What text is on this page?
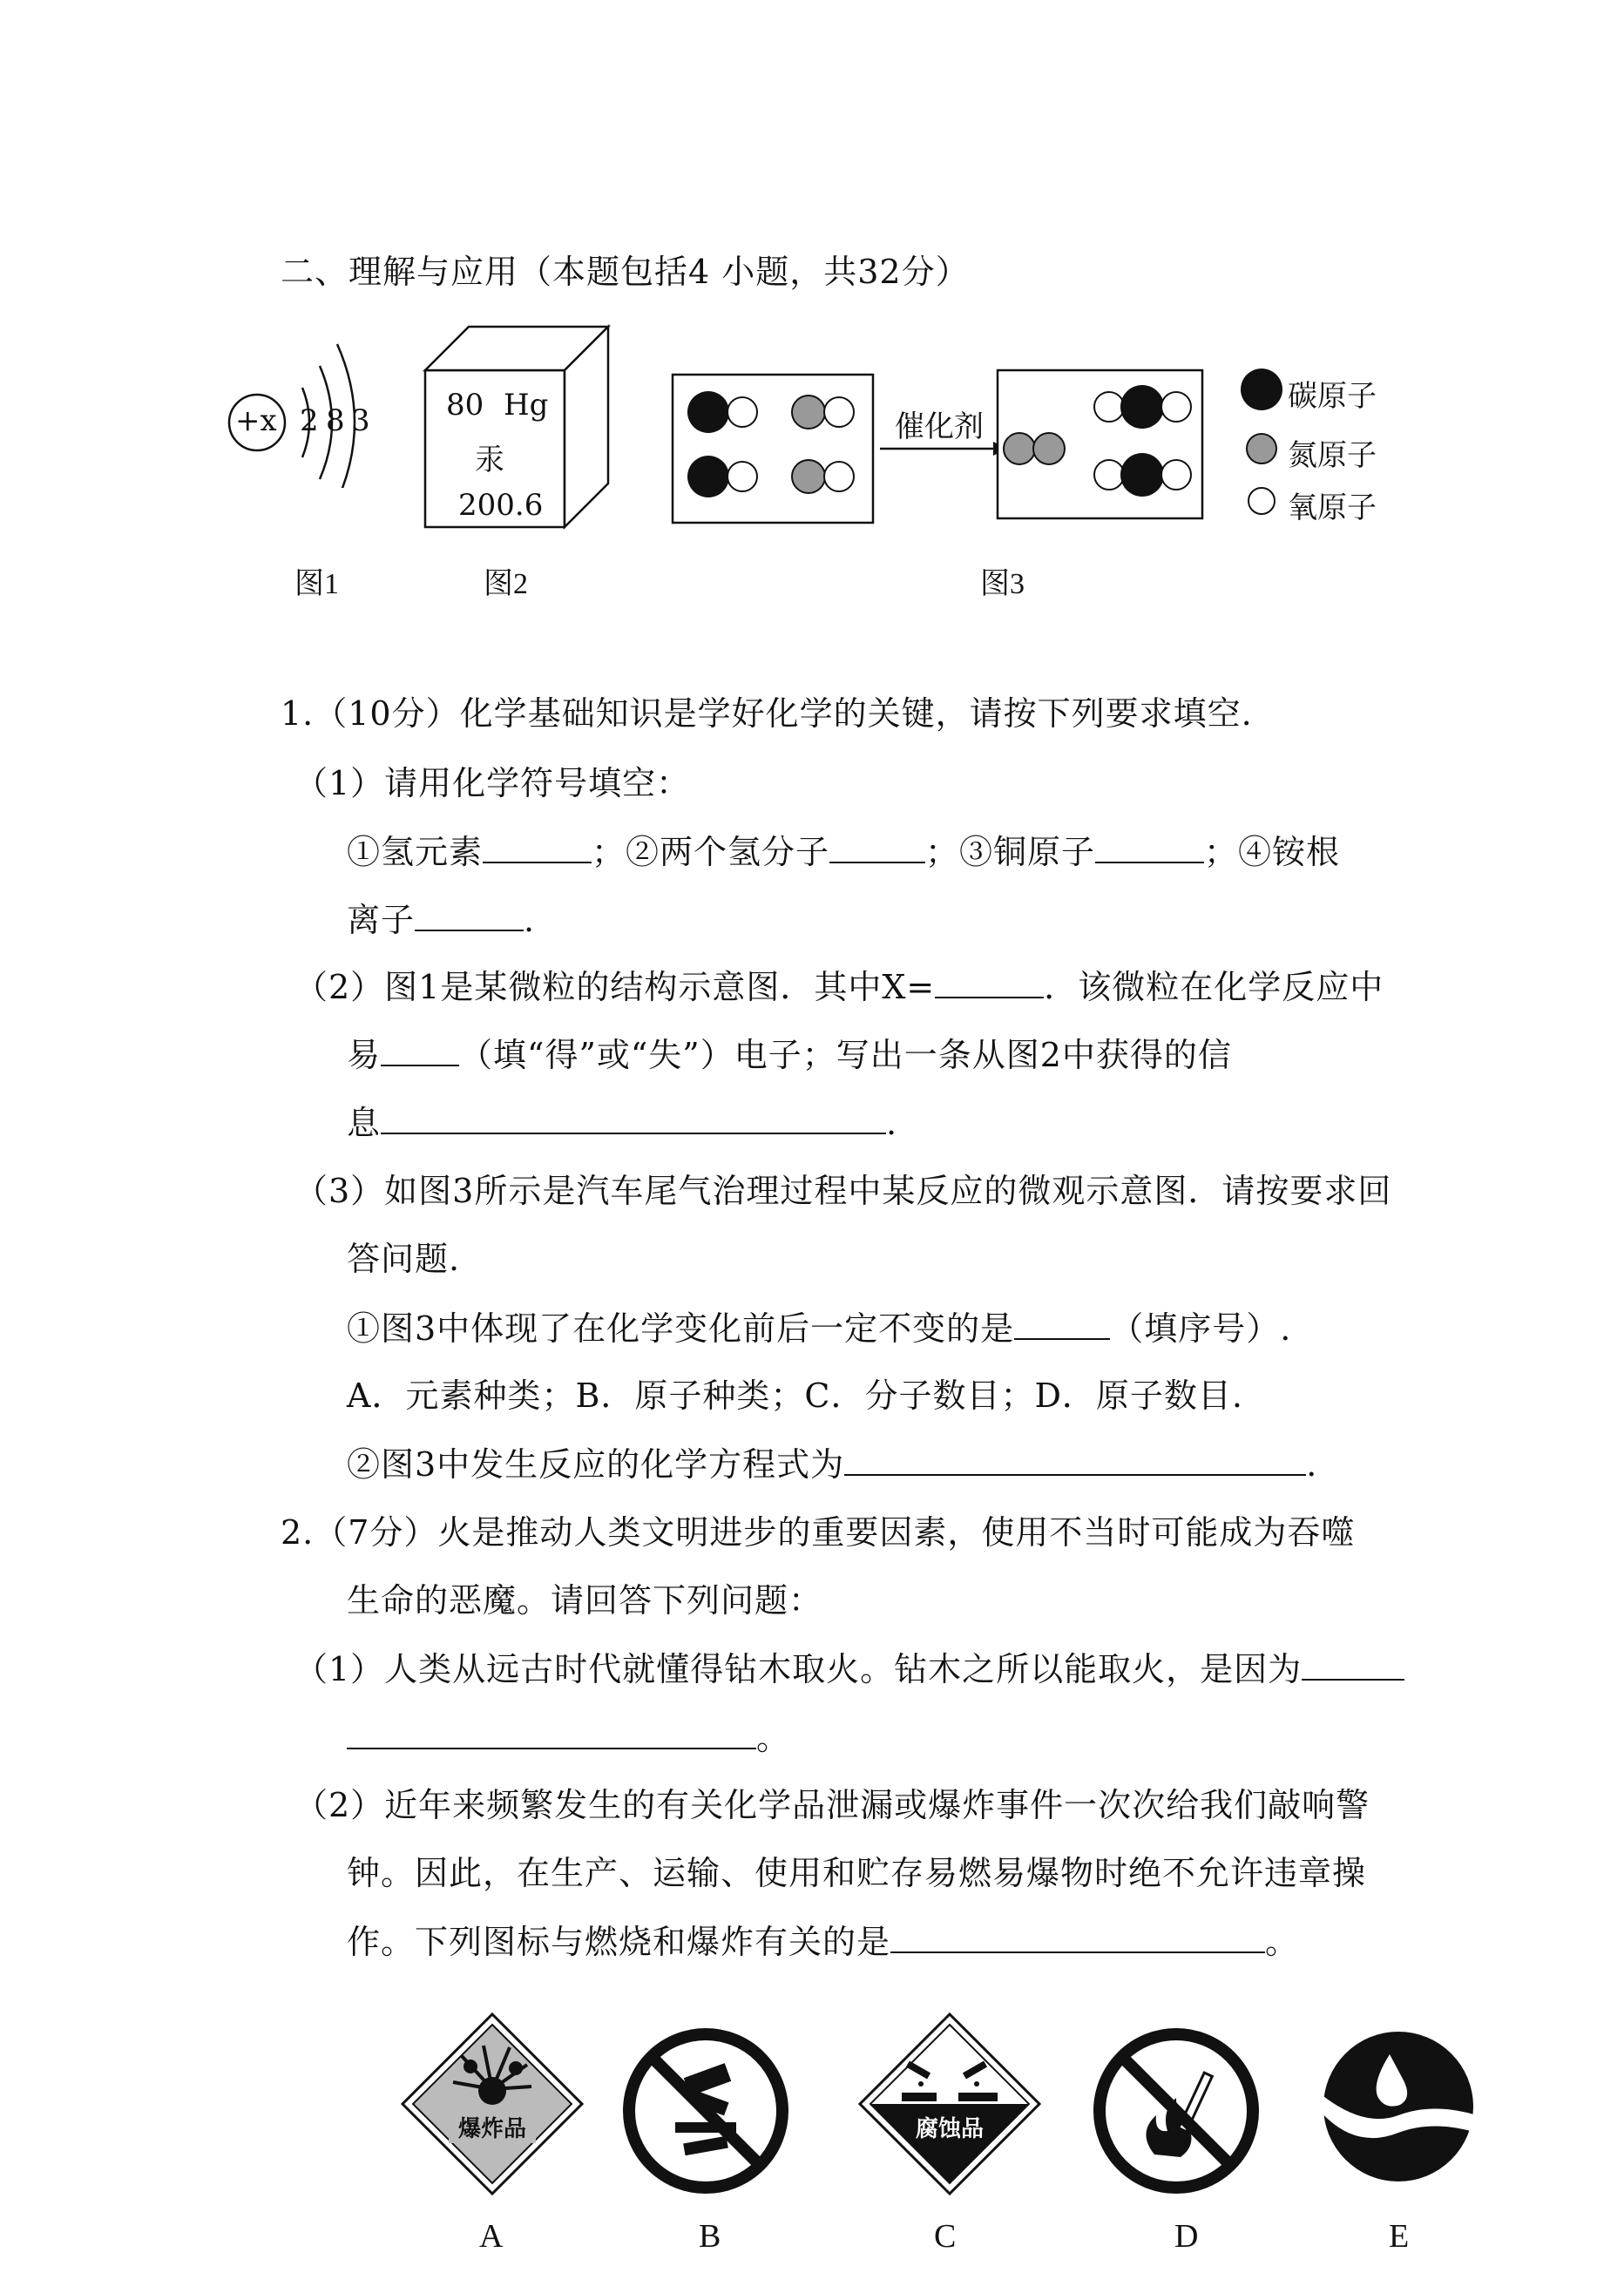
二、理解与应用（本题包括4 小题，共32分）
+x 2 8 3
图1
80 Hg
汞
200.6
图2
催化剂
碳原子
氮原子
氧原子
图3
1.（10分）化学基础知识是学好化学的关键，请按下列要求填空.
（1）请用化学符号填空：
①氢元素	；②两个氢分子	；③铜原子	；④铵根
离子	.
（2）图1是某微粒的结构示意图．其中X=	．该微粒在化学反应中
易 （填“得”或“失”）电子；写出一条从图2中获得的信
息	.
（3）如图3所示是汽车尾气治理过程中某反应的微观示意图．请按要求回
答问题.
①图3中体现了在化学变化前后一定不变的是	（填序号）.
A．元素种类；B．原子种类；C．分子数目；D．原子数目.
②图3中发生反应的化学方程式为	.
2.（7分）火是推动人类文明进步的重要因素，使用不当时可能成为吞噬
生命的恶魔。请回答下列问题：
（1）人类从远古时代就懂得钻木取火。钻木之所以能取火，是因为
。
（2）近年来频繁发生的有关化学品泄漏或爆炸事件一次次给我们敲响警
钟。因此，在生产、运输、使用和贮存易燃易爆物时绝不允许违章操
作。下列图标与燃烧和爆炸有关的是	。
爆炸品	腐蚀品
A	B	C	D	E
